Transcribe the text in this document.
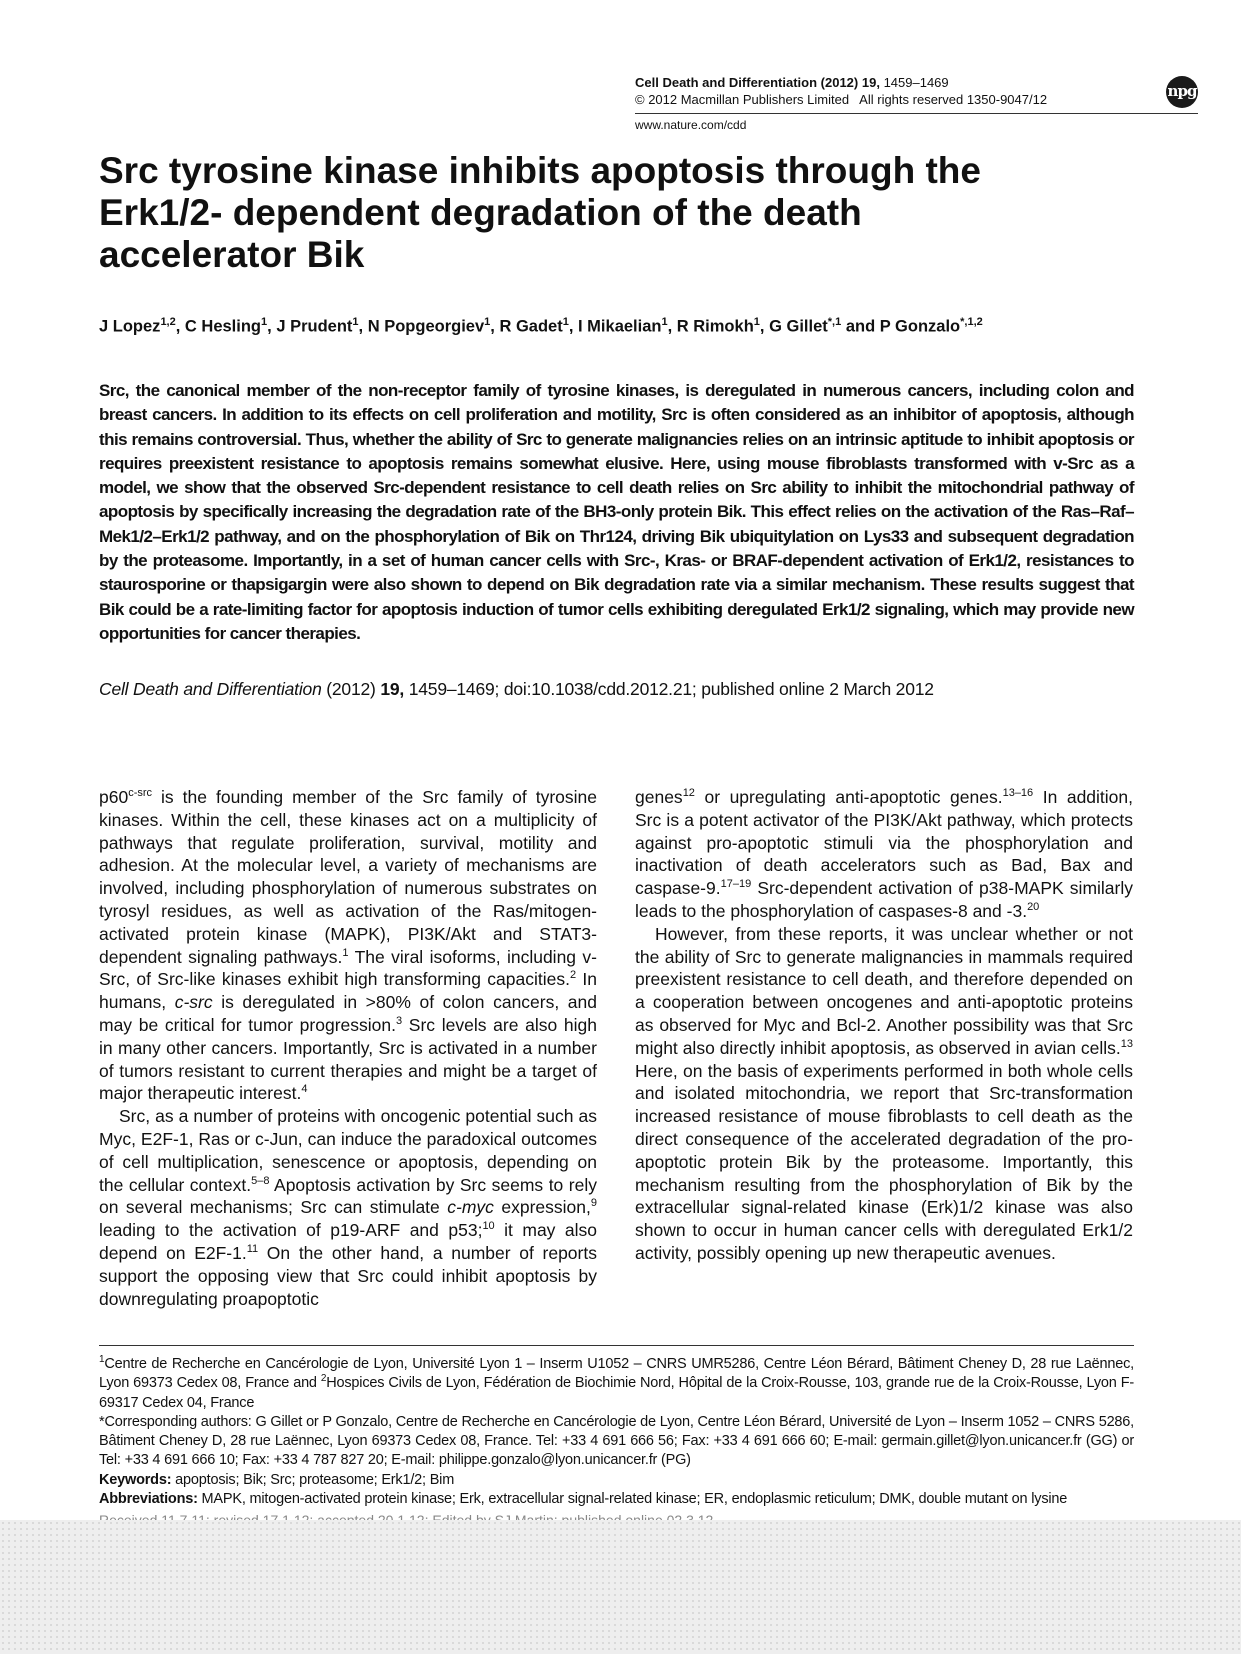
Cell Death and Differentiation (2012) 19, 1459–1469
© 2012 Macmillan Publishers Limited   All rights reserved 1350-9047/12
www.nature.com/cdd
npg
Src tyrosine kinase inhibits apoptosis through the Erk1/2- dependent degradation of the death accelerator Bik
J Lopez$^{1,2}$, C Hesling$^1$, J Prudent$^1$, N Popgeorgiev$^1$, R Gadet$^1$, I Mikaelian$^1$, R Rimokh$^1$, G Gillet$^{*,1}$ and P Gonzalo$^{*,1,2}$

Src, the canonical member of the non-receptor family of tyrosine kinases, is deregulated in numerous cancers, including colon and breast cancers. In addition to its effects on cell proliferation and motility, Src is often considered as an inhibitor of apoptosis, although this remains controversial. Thus, whether the ability of Src to generate malignancies relies on an intrinsic aptitude to inhibit apoptosis or requires preexistent resistance to apoptosis remains somewhat elusive. Here, using mouse fibroblasts transformed with v-Src as a model, we show that the observed Src-dependent resistance to cell death relies on Src ability to inhibit the mitochondrial pathway of apoptosis by specifically increasing the degradation rate of the BH3-only protein Bik. This effect relies on the activation of the Ras–Raf–Mek1/2–Erk1/2 pathway, and on the phosphorylation of Bik on Thr124, driving Bik ubiquitylation on Lys33 and subsequent degradation by the proteasome. Importantly, in a set of human cancer cells with Src-, Kras- or BRAF-dependent activation of Erk1/2, resistances to staurosporine or thapsigargin were also shown to depend on Bik degradation rate via a similar mechanism. These results suggest that Bik could be a rate-limiting factor for apoptosis induction of tumor cells exhibiting deregulated Erk1/2 signaling, which may provide new opportunities for cancer therapies.

Cell Death and Differentiation (2012) 19, 1459–1469; doi:10.1038/cdd.2012.21; published online 2 March 2012

$p60^{c-src}$ is the founding member of the Src family of tyrosine kinases. Within the cell, these kinases act on a multiplicity of pathways that regulate proliferation, survival, motility and adhesion. At the molecular level, a variety of mechanisms are involved, including phosphorylation of numerous substrates on tyrosyl residues, as well as activation of the Ras/mitogen-activated protein kinase (MAPK), PI3K/Akt and STAT3-dependent signaling pathways.$^1$ The viral isoforms, including v-Src, of Src-like kinases exhibit high transforming capacities.$^2$ In humans, c-src is deregulated in >80% of colon cancers, and may be critical for tumor progression.$^3$ Src levels are also high in many other cancers. Importantly, Src is activated in a number of tumors resistant to current therapies and might be a target of major therapeutic interest.$^4$

Src, as a number of proteins with oncogenic potential such as Myc, E2F-1, Ras or c-Jun, can induce the paradoxical outcomes of cell multiplication, senescence or apoptosis, depending on the cellular context.$^{5-8}$ Apoptosis activation by Src seems to rely on several mechanisms; Src can stimulate c-myc expression,$^9$ leading to the activation of p19-ARF and p53;$^{10}$ it may also depend on E2F-1.11 On the other hand, a number of reports support the opposing view that Src could inhibit apoptosis by downregulating proapoptotic

genes$^{12}$ or upregulating anti-apoptotic genes.$^{13-16}$ In addition, Src is a potent activator of the PI3K/Akt pathway, which protects against pro-apoptotic stimuli via the phosphorylation and inactivation of death accelerators such as Bad, Bax and caspase-9.$^{17-19}$ Src-dependent activation of p38-MAPK similarly leads to the phosphorylation of caspases-8 and -3.20

However, from these reports, it was unclear whether or not the ability of Src to generate malignancies in mammals required preexistent resistance to cell death, and therefore depended on a cooperation between oncogenes and anti-apoptotic proteins as observed for Myc and Bcl-2. Another possibility was that Src might also directly inhibit apoptosis, as observed in avian cells.$^{13}$ Here, on the basis of experiments performed in both whole cells and isolated mitochondria, we report that Src-transformation increased resistance of mouse fibroblasts to cell death as the direct consequence of the accelerated degradation of the pro-apoptotic protein Bik by the proteasome. Importantly, this mechanism resulting from the phosphorylation of Bik by the extracellular signal-related kinase (Erk)1/2 kinase was also shown to occur in human cancer cells with deregulated Erk1/2 activity, possibly opening up new therapeutic avenues.

$^1$Centre de Recherche en Cancérologie de Lyon, Université Lyon 1 – Inserm U1052 – CNRS UMR5286, Centre Léon Bérard, Bâtiment Cheney D, 28 rue Laënnec, Lyon 69373 Cedex 08, France and $^2$Hospices Civils de Lyon, Fédération de Biochimie Nord, Hôpital de la Croix-Rousse, 103, grande rue de la Croix-Rousse, Lyon F-69317 Cedex 04, France

*Corresponding authors: G Gillet or P Gonzalo, Centre de Recherche en Cancérologie de Lyon, Centre Léon Bérard, Université de Lyon – Inserm 1052 – CNRS 5286, Bâtiment Cheney D, 28 rue Laënnec, Lyon 69373 Cedex 08, France. Tel: +33 4 691 666 56; Fax: +33 4 691 666 60; E-mail: germain.gillet@lyon.unicancer.fr (GG) or Tel: +33 4 691 666 10; Fax: +33 4 787 827 20; E-mail: philippe.gonzalo@lyon.unicancer.fr (PG)

Keywords: apoptosis; Bik; Src; proteasome; Erk1/2; Bim

Abbreviations: MAPK, mitogen-activated protein kinase; Erk, extracellular signal-related kinase; ER, endoplasmic reticulum; DMK, double mutant on lysine
